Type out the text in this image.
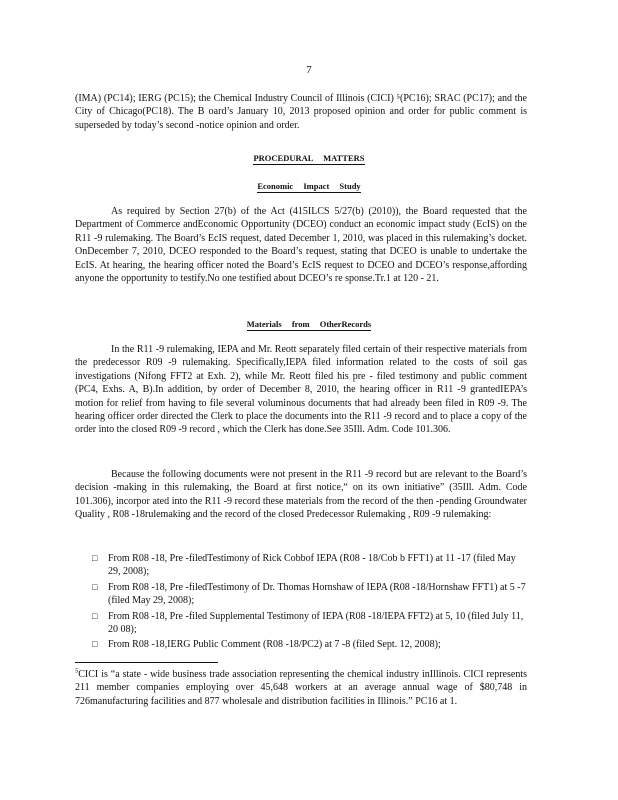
7
(IMA) (PC14); IERG (PC15); the Chemical Industry Council of Illinois (CICI) ⁵(PC16); SRAC (PC17); and the City of Chicago(PC18). The B oard’s January 10, 2013 proposed opinion and order for public comment is superseded by today’s second -notice opinion and order.
PROCEDURAL MATTERS
Economic Impact Study
As required by Section 27(b) of the Act (415ILCS 5/27(b) (2010)), the Board requested that the Department of Commerce andEconomic Opportunity (DCEO) conduct an economic impact study (EcIS) on the R11 -9 rulemaking. The Board’s EcIS request, dated December 1, 2010, was placed in this rulemaking’s docket. OnDecember 7, 2010, DCEO responded to the Board’s request, stating that DCEO is unable to undertake the EcIS. At hearing, the hearing officer noted the Board’s EcIS request to DCEO and DCEO’s response,affording anyone the opportunity to testify.No one testified about DCEO’s re sponse.Tr.1 at 120 - 21.
Materials from OtherRecords
In the R11 -9 rulemaking, IEPA and Mr. Reott separately filed certain of their respective materials from the predecessor R09 -9 rulemaking. Specifically,IEPA filed information related to the costs of soil gas investigations (Nifong FFT2 at Exh. 2), while Mr. Reott filed his pre - filed testimony and public comment (PC4, Exhs. A, B).In addition, by order of December 8, 2010, the hearing officer in R11 -9 grantedIEPA’s motion for relief from having to file several voluminous documents that had already been filed in R09 -9. The hearing officer order directed the Clerk to place the documents into the R11 -9 record and to place a copy of the order into the closed R09 -9 record , which the Clerk has done.See 35Ill. Adm. Code 101.306.
Because the following documents were not present in the R11 -9 record but are relevant to the Board’s decision -making in this rulemaking, the Board at first notice,“ on its own initiative” (35Ill. Adm. Code 101.306), incorpor ated into the R11 -9 record these materials from the record of the then -pending Groundwater Quality , R08 -18rulemaking and the record of the closed Predecessor Rulemaking , R09 -9 rulemaking:
□ From R08 -18, Pre -filedTestimony of Rick Cobbof IEPA (R08 - 18/Cob b FFT1) at 11 -17 (filed May 29, 2008);
□ From R08 -18, Pre -filedTestimony of Dr. Thomas Hornshaw of IEPA (R08 -18/Hornshaw FFT1) at 5 -7 (filed May 29, 2008);
□ From R08 -18, Pre -filed Supplemental Testimony of IEPA (R08 -18/IEPA FFT2) at 5, 10 (filed July 11, 20 08);
□ From R08 -18,IERG Public Comment (R08 -18/PC2) at 7 -8 (filed Sept. 12, 2008);
$^5$CICI is “a state - wide business trade association representing the chemical industry inIllinois. CICI represents 211 member companies employing over 45,648 workers at an average annual wage of $80,748 in 726manufacturing facilities and 877 wholesale and distribution facilities in Illinois.” PC16 at 1.
